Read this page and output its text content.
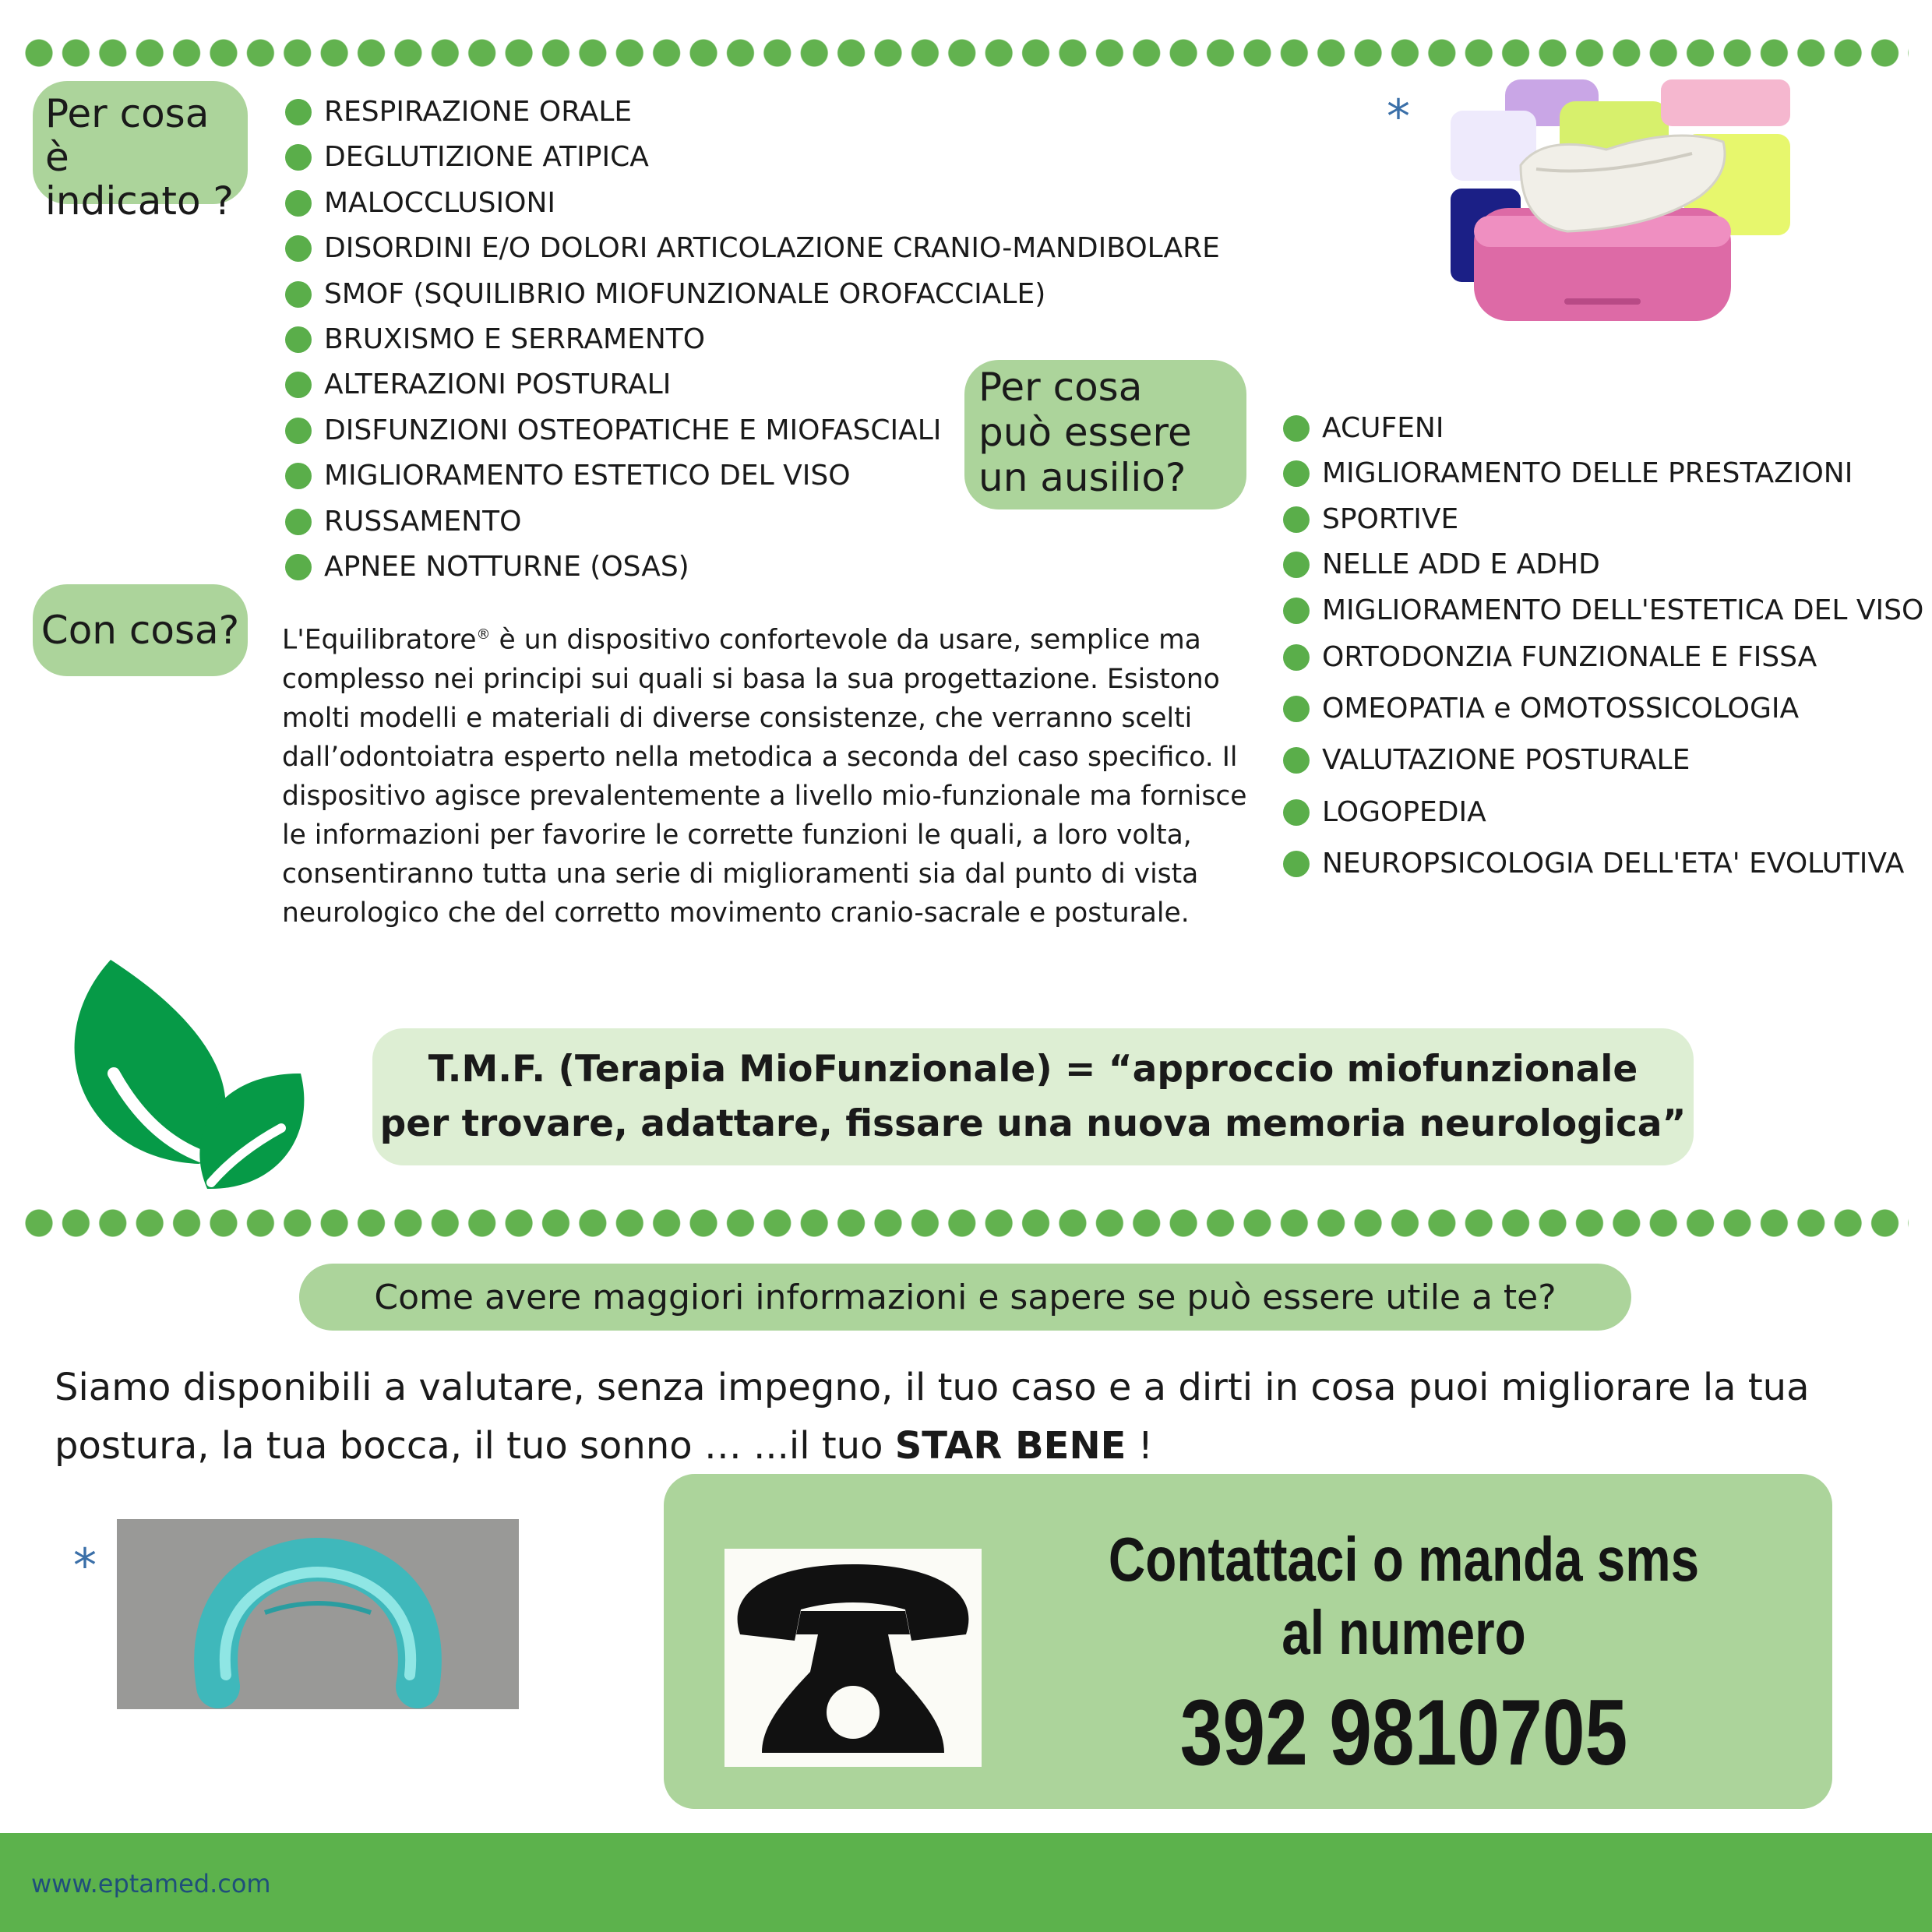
Per cosa è indicato ?
RESPIRAZIONE ORALE
DEGLUTIZIONE ATIPICA
MALOCCLUSIONI
DISORDINI E/O DOLORI ARTICOLAZIONE CRANIO-MANDIBOLARE
SMOF (SQUILIBRIO MIOFUNZIONALE OROFACCIALE)
BRUXISMO E SERRAMENTO
ALTERAZIONI POSTURALI
DISFUNZIONI OSTEOPATICHE E MIOFASCIALI
MIGLIORAMENTO ESTETICO DEL VISO
RUSSAMENTO
APNEE NOTTURNE (OSAS)
*
Per cosa può essere un ausilio?
ACUFENI
MIGLIORAMENTO DELLE PRESTAZIONI
SPORTIVE
NELLE ADD E ADHD
MIGLIORAMENTO DELL'ESTETICA DEL VISO
ORTODONZIA FUNZIONALE E FISSA
OMEOPATIA e OMOTOSSICOLOGIA
VALUTAZIONE POSTURALE
LOGOPEDIA
NEUROPSICOLOGIA DELL'ETA' EVOLUTIVA
Con cosa? L'Equilibratore® è un dispositivo confortevole da usare, semplice ma complesso nei principi sui quali si basa la sua progettazione. Esistono molti modelli e materiali di diverse consistenze, che verranno scelti dall’odontoiatra esperto nella metodica a seconda del caso specifico. Il dispositivo agisce prevalentemente a livello mio-funzionale ma fornisce le informazioni per favorire le corrette funzioni le quali, a loro volta, consentiranno tutta una serie di miglioramenti sia dal punto di vista neurologico che del corretto movimento cranio-sacrale e posturale.

T.M.F. (Terapia MioFunzionale) = “approccio miofunzionale
per trovare, adattare, fissare una nuova memoria neurologica”
Come avere maggiori informazioni e sapere se può essere utile a te?

Siamo disponibili a valutare, senza impegno, il tuo caso e a dirti in cosa puoi migliorare la tua postura, la tua bocca, il tuo sonno … ...il tuo STAR BENE !

*	Contattaci o manda sms
al numero
392 9810705
www.eptamed.com
